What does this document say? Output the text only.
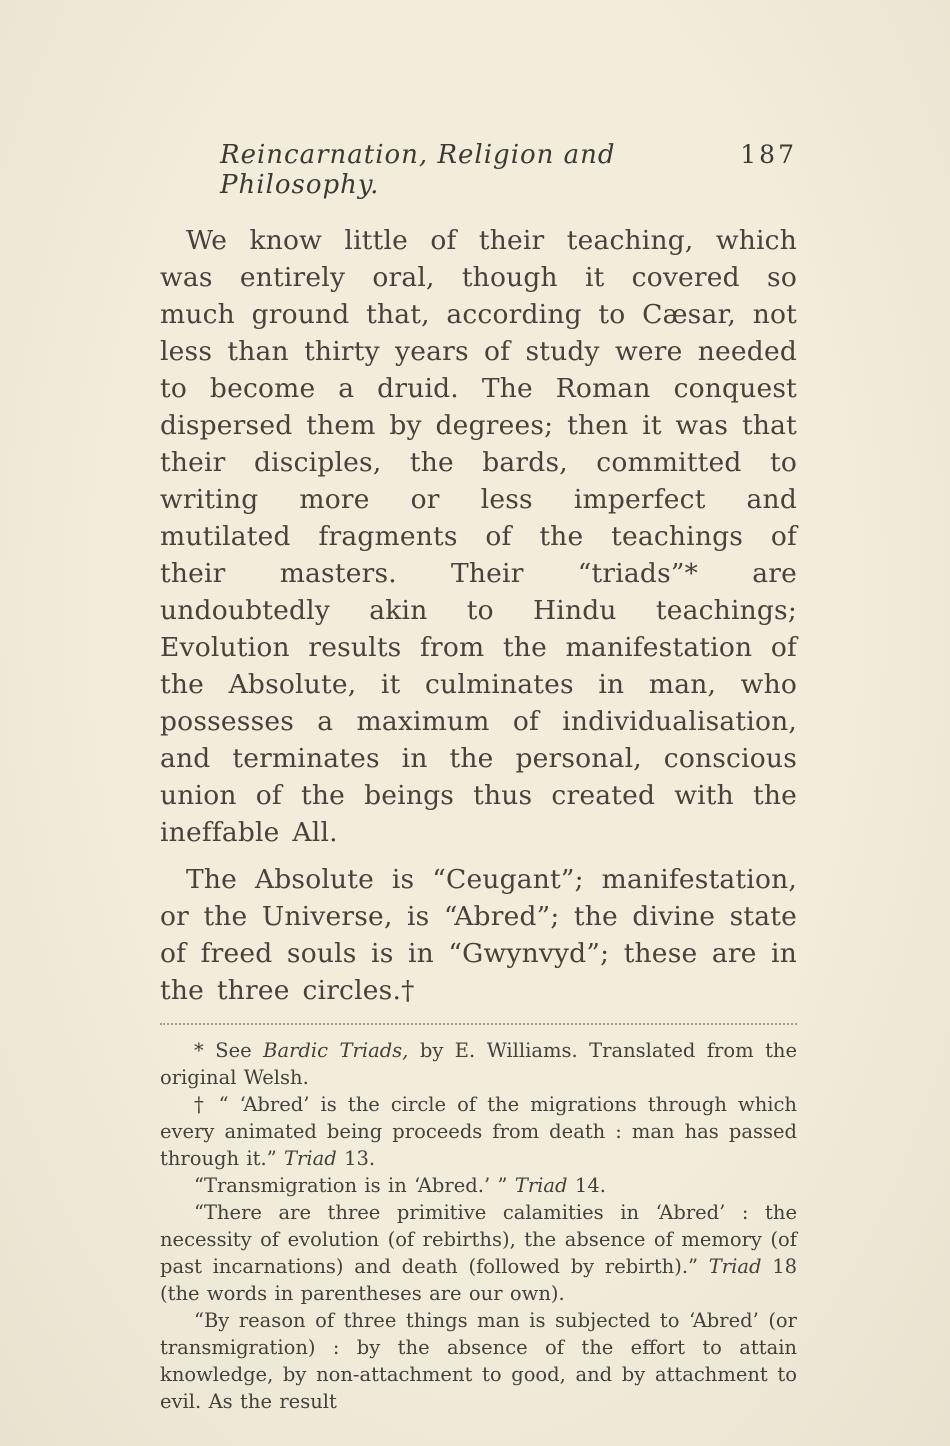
Reincarnation, Religion and Philosophy.
187

We know little of their teaching, which was entirely oral, though it covered so much ground that, according to Cæsar, not less than thirty years of study were needed to become a druid. The Roman conquest dispersed them by degrees; then it was that their disciples, the bards, committed to writing more or less imperfect and mutilated fragments of the teachings of their masters. Their “triads”* are undoubtedly akin to Hindu teachings; Evolution results from the manifestation of the Absolute, it culminates in man, who possesses a maximum of individualisation, and terminates in the personal, conscious union of the beings thus created with the ineffable All.

The Absolute is “Ceugant”; manifestation, or the Universe, is “Abred”; the divine state of freed souls is in “Gwynvyd”; these are in the three circles.†

* See Bardic Triads, by E. Williams. Translated from the original Welsh.

† “ ‘Abred’ is the circle of the migrations through which every animated being proceeds from death : man has passed through it.” Triad 13.

“Transmigration is in ‘Abred.’ ” Triad 14.

“There are three primitive calamities in ‘Abred’ : the necessity of evolution (of rebirths), the absence of memory (of past incarnations) and death (followed by rebirth).” Triad 18 (the words in parentheses are our own).

“By reason of three things man is subjected to ‘Abred’ (or transmigration) : by the absence of the effort to attain knowledge, by non-attachment to good, and by attachment to evil. As the result
